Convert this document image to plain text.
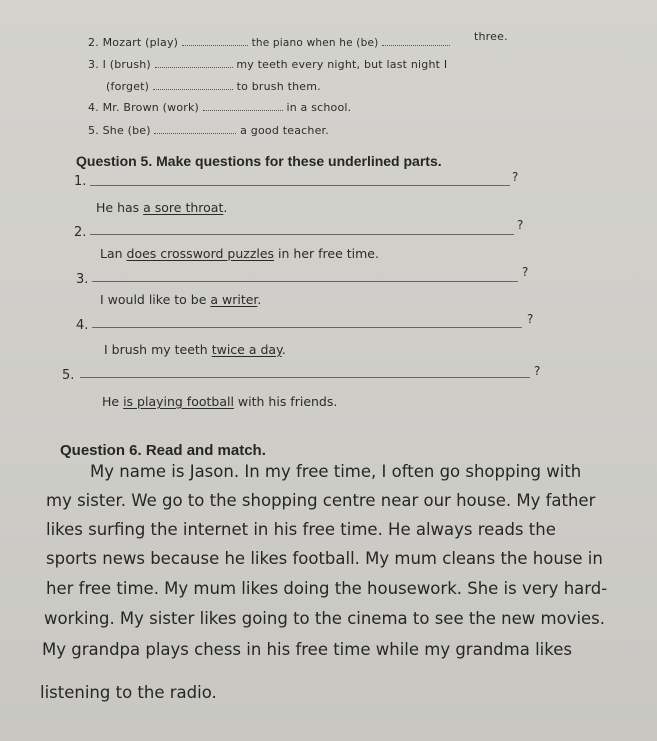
2. Mozart (play)	the piano when he (be)	three.
3. I (brush)	my teeth every night, but last night I
(forget)	to brush them.
4. Mr. Brown (work)	in a school.
5. She (be)	a good teacher.
Question 5. Make questions for these underlined parts.
1.	?
He has a sore throat.
2.	?
Lan does crossword puzzles in her free time.
3.	?
I would like to be a writer.
4.	?
I brush my teeth twice a day.
5.	?
He is playing football with his friends.
Question 6. Read and match.
My name is Jason. In my free time, I often go shopping with
my sister. We go to the shopping centre near our house. My father
likes surfing the internet in his free time. He always reads the
sports news because he likes football. My mum cleans the house in
her free time. My mum likes doing the housework. She is very hard-
working. My sister likes going to the cinema to see the new movies.
My grandpa plays chess in his free time while my grandma likes
listening to the radio.
